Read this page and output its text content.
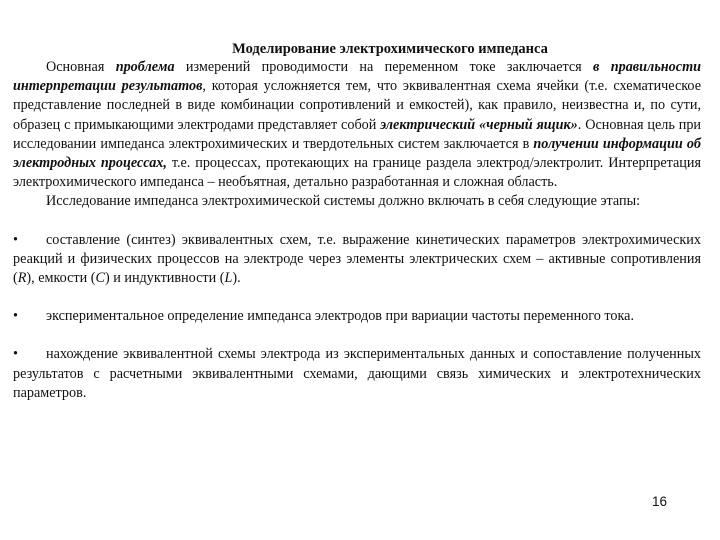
Моделирование электрохимического импеданса

Основная проблема измерений проводимости на переменном токе заключается в правильности интерпретации результатов, которая усложняется тем, что эквивалентная схема ячейки (т.е. схематическое представление последней в виде комбинации сопротивлений и емкостей), как правило, неизвестна и, по сути, образец с примыкающими электродами представляет собой электрический «черный ящик». Основная цель при исследовании импеданса электрохимических и твердотельных систем заключается в получении информации об электродных процессах, т.е. процессах, протекающих на границе раздела электрод/электролит. Интерпретация электрохимического импеданса – необъятная, детально разработанная и сложная область.

Исследование импеданса электрохимической системы должно включать в себя следующие этапы:

• составление (синтез) эквивалентных схем, т.е. выражение кинетических параметров электрохимических реакций и физических процессов на электроде через элементы электрических схем – активные сопротивления (R), емкости (C) и индуктивности (L).

• экспериментальное определение импеданса электродов при вариации частоты переменного тока.

• нахождение эквивалентной схемы электрода из экспериментальных данных и сопоставление полученных результатов с расчетными эквивалентными схемами, дающими связь химических и электротехнических параметров.

16
